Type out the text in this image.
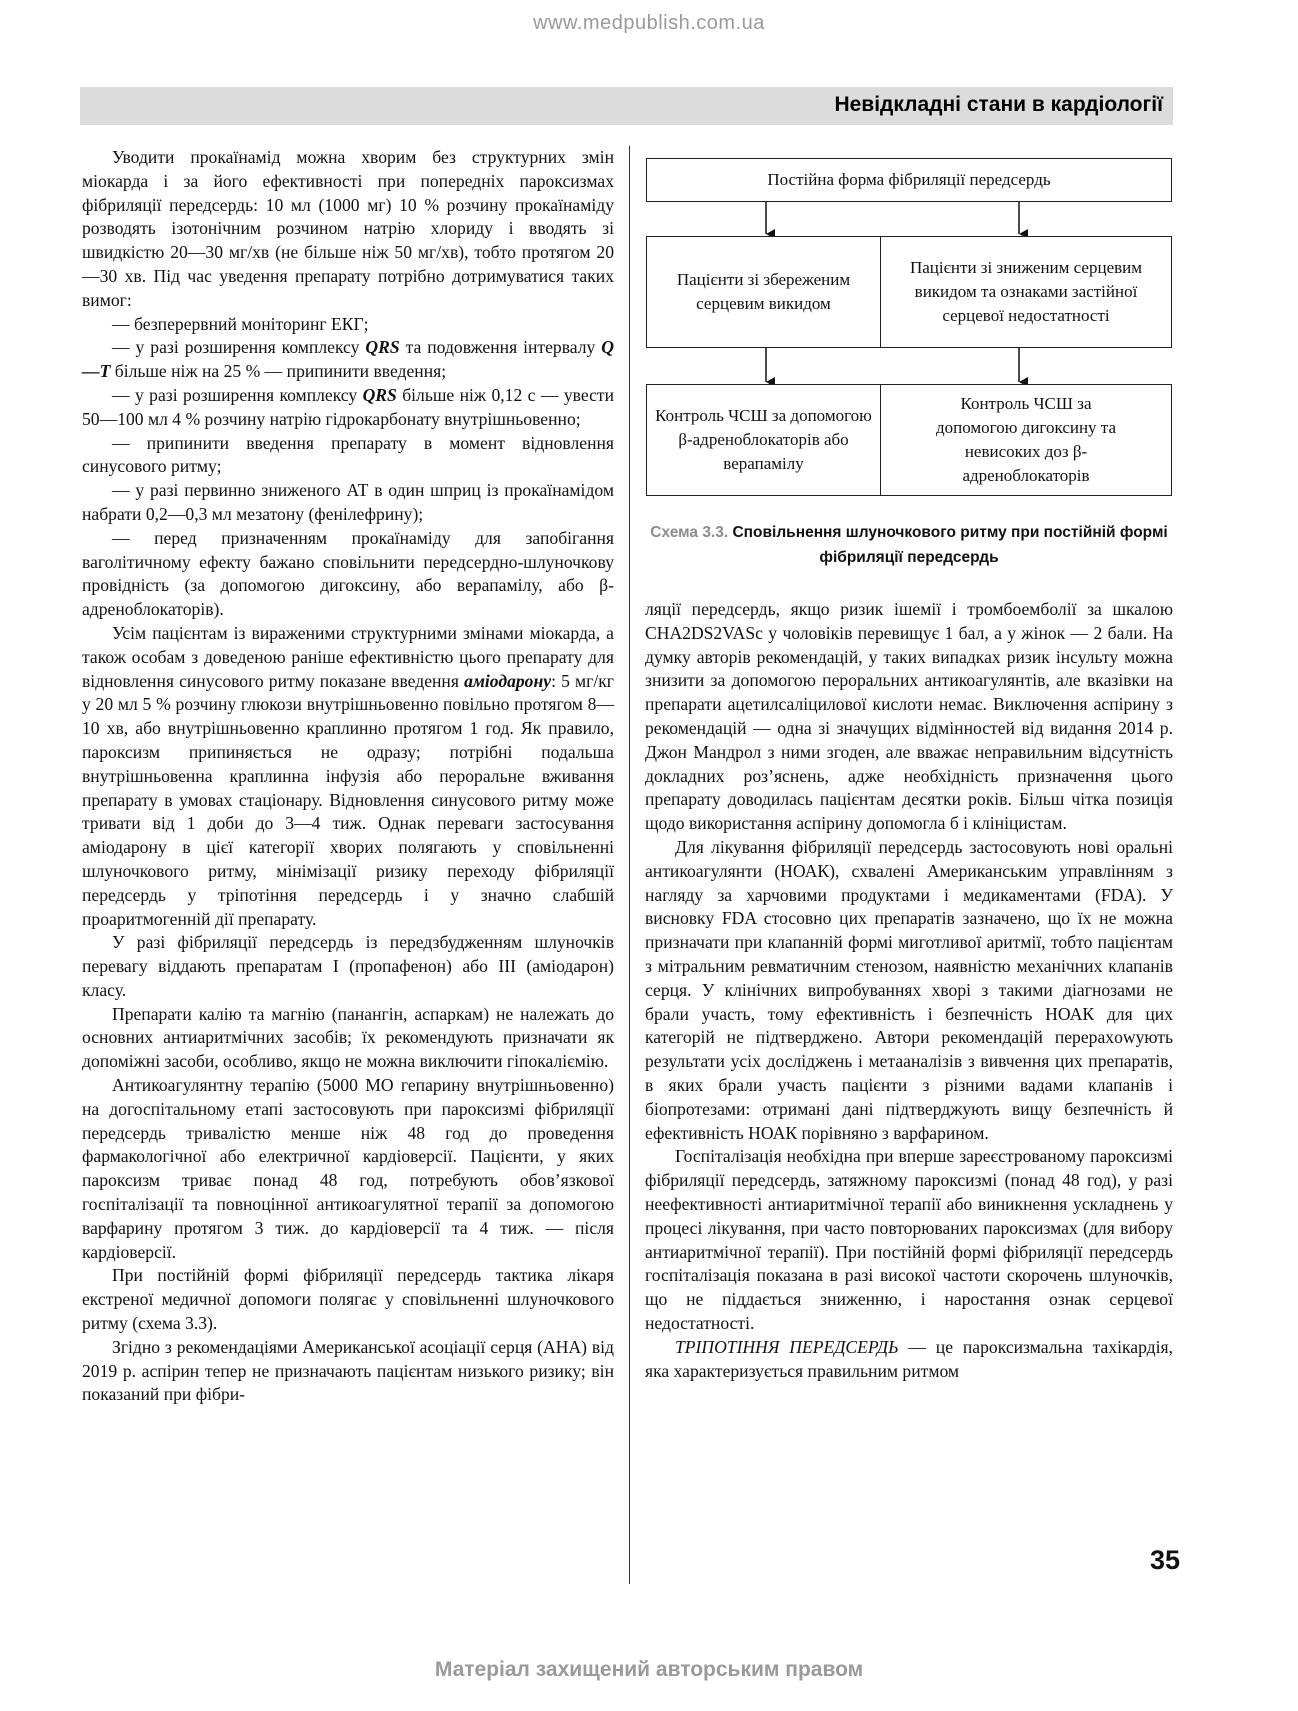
www.medpublish.com.ua
Невідкладні стани в кардіології

Уводити прокаїнамід можна хворим без структурних змін міокарда і за його ефективності при попередніх пароксизмах фібриляції передсердь: 10 мл (1000 мг) 10 % розчину прокаїнаміду розводять ізотонічним розчином натрію хлориду і вводять зі швидкістю 20—30 мг/хв (не більше ніж 50 мг/хв), тобто протягом 20—30 хв. Під час уведення препарату потрібно дотримуватися таких вимог:

— безперервний моніторинг ЕКГ;

— у разі розширення комплексу QRS та подовження інтервалу Q—T більше ніж на 25 % — припинити введення;

— у разі розширення комплексу QRS більше ніж 0,12 с — увести 50—100 мл 4 % розчину натрію гідрокарбонату внутрішньовенно;

— припинити введення препарату в момент відновлення синусового ритму;

— у разі первинно зниженого АТ в один шприц із прокаїнамідом набрати 0,2—0,3 мл мезатону (фенілефрину);

— перед призначенням прокаїнаміду для запобігання ваголітичному ефекту бажано сповільнити передсердно-шлуночкову провідність (за допомогою дигоксину, або верапамілу, або β-адреноблокаторів).

Усім пацієнтам із вираженими структурними змінами міокарда, а також особам з доведеною раніше ефективністю цього препарату для відновлення синусового ритму показане введення аміодарону: 5 мг/кг у 20 мл 5 % розчину глюкози внутрішньовенно повільно протягом 8—10 хв, або внутрішньовенно краплинно протягом 1 год. Як правило, пароксизм припиняється не одразу; потрібні подальша внутрішньовенна краплинна інфузія або пероральне вживання препарату в умовах стаціонару. Відновлення синусового ритму може тривати від 1 доби до 3—4 тиж. Однак переваги застосування аміодарону в цієї категорії хворих полягають у сповільненні шлуночкового ритму, мінімізації ризику переходу фібриляції передсердь у тріпотіння передсердь і у значно слабшій проаритмогенній дії препарату.

У разі фібриляції передсердь із передзбудженням шлуночків перевагу віддають препаратам І (пропафенон) або III (аміодарон) класу.

Препарати калію та магнію (панангін, аспаркам) не належать до основних антиаритмічних засобів; їх рекомендують призначати як допоміжні засоби, особливо, якщо не можна виключити гіпокаліємію.

Антикоагулянтну терапію (5000 МО гепарину внутрішньовенно) на догоспітальному етапі застосовують при пароксизмі фібриляції передсердь тривалістю менше ніж 48 год до проведення фармакологічної або електричної кардіоверсії. Пацієнти, у яких пароксизм триває понад 48 год, потребують обов’язкової госпіталізації та повноцінної антикоагулятної терапії за допомогою варфарину протягом 3 тиж. до кардіоверсії та 4 тиж. — після кардіоверсії.

При постійній формі фібриляції передсердь тактика лікаря екстреної медичної допомоги полягає у сповільненні шлуночкового ритму (схема 3.3).

Згідно з рекомендаціями Американської асоціації серця (AHA) від 2019 р. аспірин тепер не призначають пацієнтам низького ризику; він показаний при фібри-

Постійна форма фібриляції передсердь
Пацієнти зі збереженим серцевим викидом
Пацієнти зі зниженим серцевим викидом та ознаками застійної серцевої недостатності
Контроль ЧСШ за допомогою β-адреноблокаторів або верапамілу
Контроль ЧСШ за допомогою дигоксину та невисоких доз β-адреноблокаторів
Схема 3.3. Сповільнення шлуночкового ритму при постійній формі фібриляції передсердь

ляції передсердь, якщо ризик ішемії і тромбоемболії за шкалою CHA2DS2VASc у чоловіків перевищує 1 бал, а у жінок — 2 бали. На думку авторів рекомендацій, у таких випадках ризик інсульту можна знизити за допомогою пероральних антикоагулянтів, але вказівки на препарати ацетилсаліцилової кислоти немає. Виключення аспірину з рекомендацій — одна зі значущих відмінностей від видання 2014 р. Джон Мандрол з ними згоден, але вважає неправильним відсутність докладних роз’яснень, адже необхідність призначення цього препарату доводилась пацієнтам десятки років. Більш чітка позиція щодо використання аспірину допомогла б і клініцистам.

Для лікування фібриляції передсердь застосовують нові оральні антикоагулянти (НОАК), схвалені Американським управлінням з нагляду за харчовими продуктами і медикаментами (FDA). У висновку FDA стосовно цих препаратів зазначено, що їх не можна призначати при клапанній формі миготливої аритмії, тобто пацієнтам з мітральним ревматичним стенозом, наявністю механічних клапанів серця. У клінічних випробуваннях хворі з такими діагнозами не брали участь, тому ефективність і безпечність НОАК для цих категорій не підтверджено. Автори рекомендацій перерахowують результати усіх досліджень і метааналізів з вивчення цих препаратів, в яких брали участь пацієнти з різними вадами клапанів і біопротезами: отримані дані підтверджують вищу безпечність й ефективність НОАК порівняно з варфарином.

Госпіталізація необхідна при вперше зареєстрованому пароксизмі фібриляції передсердь, затяжному пароксизмі (понад 48 год), у разі неефективності антиаритмічної терапії або виникнення ускладнень у процесі лікування, при часто повторюваних пароксизмах (для вибору антиаритмічної терапії). При постійній формі фібриляції передсердь госпіталізація показана в разі високої частоти скорочень шлуночків, що не піддається зниженню, і наростання ознак серцевої недостатності.

ТРІПОТІННЯ ПЕРЕДСЕРДЬ — це пароксизмальна тахікардія, яка характеризується правильним ритмом

35
Матеріал захищений авторським правом
